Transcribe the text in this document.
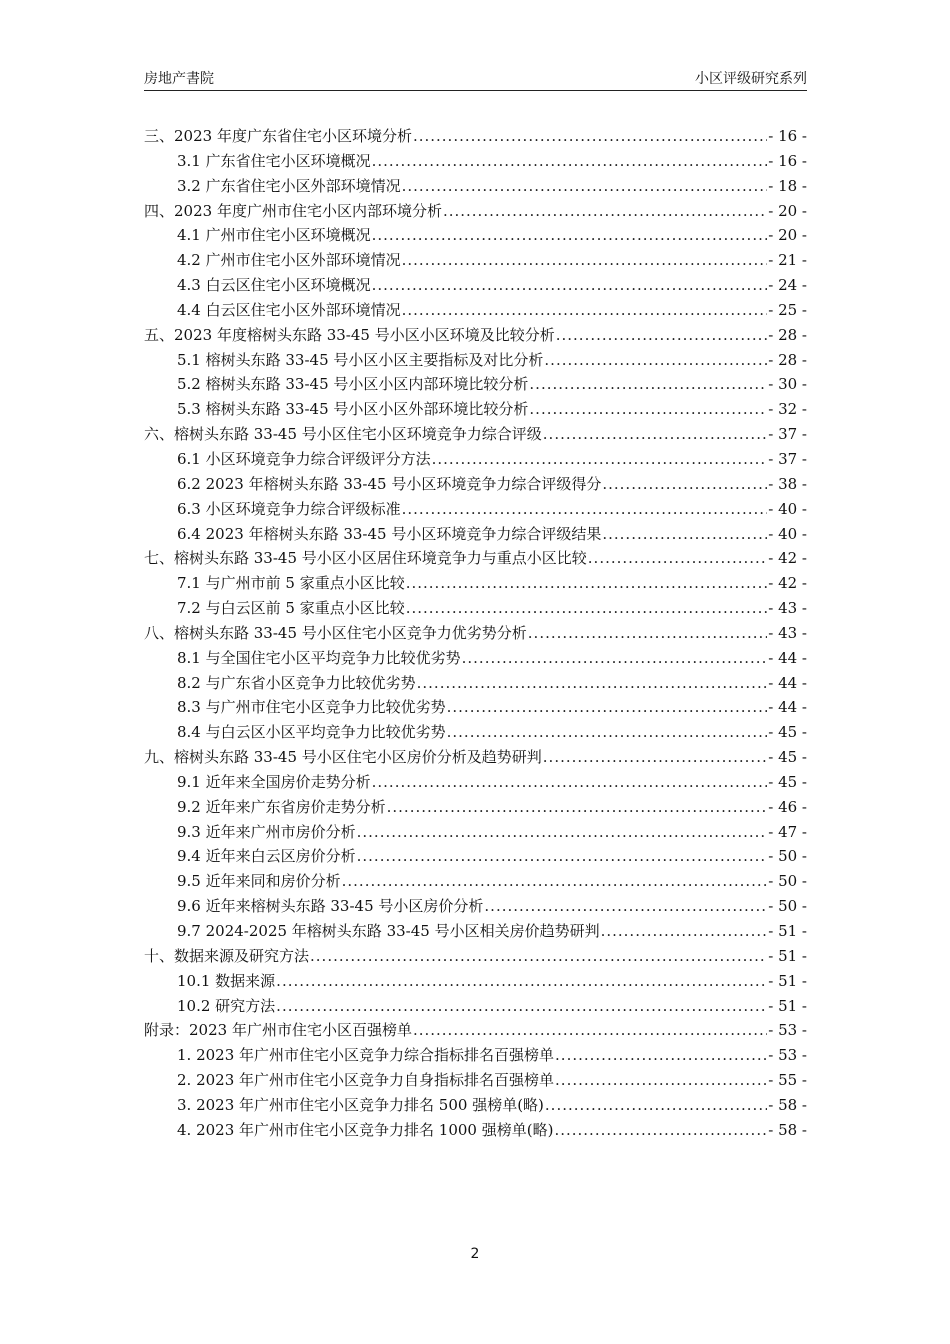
房地产書院	小区评级研究系列
三、2023 年度广东省住宅小区环境分析 .....	- 16 -
3.1 广东省住宅小区环境概况 .....	- 16 -
3.2 广东省住宅小区外部环境情况 .....	- 18 -
四、2023 年度广州市住宅小区内部环境分析 .....	- 20 -
4.1 广州市住宅小区环境概况 .....	- 20 -
4.2 广州市住宅小区外部环境情况 .....	- 21 -
4.3 白云区住宅小区环境概况 .....	- 24 -
4.4 白云区住宅小区外部环境情况 .....	- 25 -
五、2023 年度榕树头东路 33-45 号小区小区环境及比较分析 .....	- 28 -
5.1 榕树头东路 33-45 号小区小区主要指标及对比分析 .....	- 28 -
5.2 榕树头东路 33-45 号小区小区内部环境比较分析 .....	- 30 -
5.3 榕树头东路 33-45 号小区小区外部环境比较分析 .....	- 32 -
六、榕树头东路 33-45 号小区住宅小区环境竞争力综合评级 .....	- 37 -
6.1 小区环境竞争力综合评级评分方法 .....	- 37 -
6.2 2023 年榕树头东路 33-45 号小区环境竞争力综合评级得分 .....	- 38 -
6.3 小区环境竞争力综合评级标准 .....	- 40 -
6.4 2023 年榕树头东路 33-45 号小区环境竞争力综合评级结果 .....	- 40 -
七、榕树头东路 33-45 号小区小区居住环境竞争力与重点小区比较 .....	- 42 -
7.1 与广州市前 5 家重点小区比较 .....	- 42 -
7.2 与白云区前 5 家重点小区比较 .....	- 43 -
八、榕树头东路 33-45 号小区住宅小区竞争力优劣势分析 .....	- 43 -
8.1 与全国住宅小区平均竞争力比较优劣势 .....	- 44 -
8.2 与广东省小区竞争力比较优劣势 .....	- 44 -
8.3 与广州市住宅小区竞争力比较优劣势 .....	- 44 -
8.4 与白云区小区平均竞争力比较优劣势 .....	- 45 -
九、榕树头东路 33-45 号小区住宅小区房价分析及趋势研判 .....	- 45 -
9.1 近年来全国房价走势分析 .....	- 45 -
9.2 近年来广东省房价走势分析 .....	- 46 -
9.3 近年来广州市房价分析 .....	- 47 -
9.4 近年来白云区房价分析 .....	- 50 -
9.5 近年来同和房价分析 .....	- 50 -
9.6 近年来榕树头东路 33-45 号小区房价分析 .....	- 50 -
9.7 2024-2025 年榕树头东路 33-45 号小区相关房价趋势研判 .....	- 51 -
十、数据来源及研究方法 .....	- 51 -
10.1 数据来源 .....	- 51 -
10.2 研究方法 .....	- 51 -
附录：2023 年广州市住宅小区百强榜单 .....	- 53 -
1. 2023 年广州市住宅小区竞争力综合指标排名百强榜单 .....	- 53 -
2. 2023 年广州市住宅小区竞争力自身指标排名百强榜单 .....	- 55 -
3. 2023 年广州市住宅小区竞争力排名 500 强榜单(略) .....	- 58 -
4. 2023 年广州市住宅小区竞争力排名 1000 强榜单(略) .....	- 58 -
2
